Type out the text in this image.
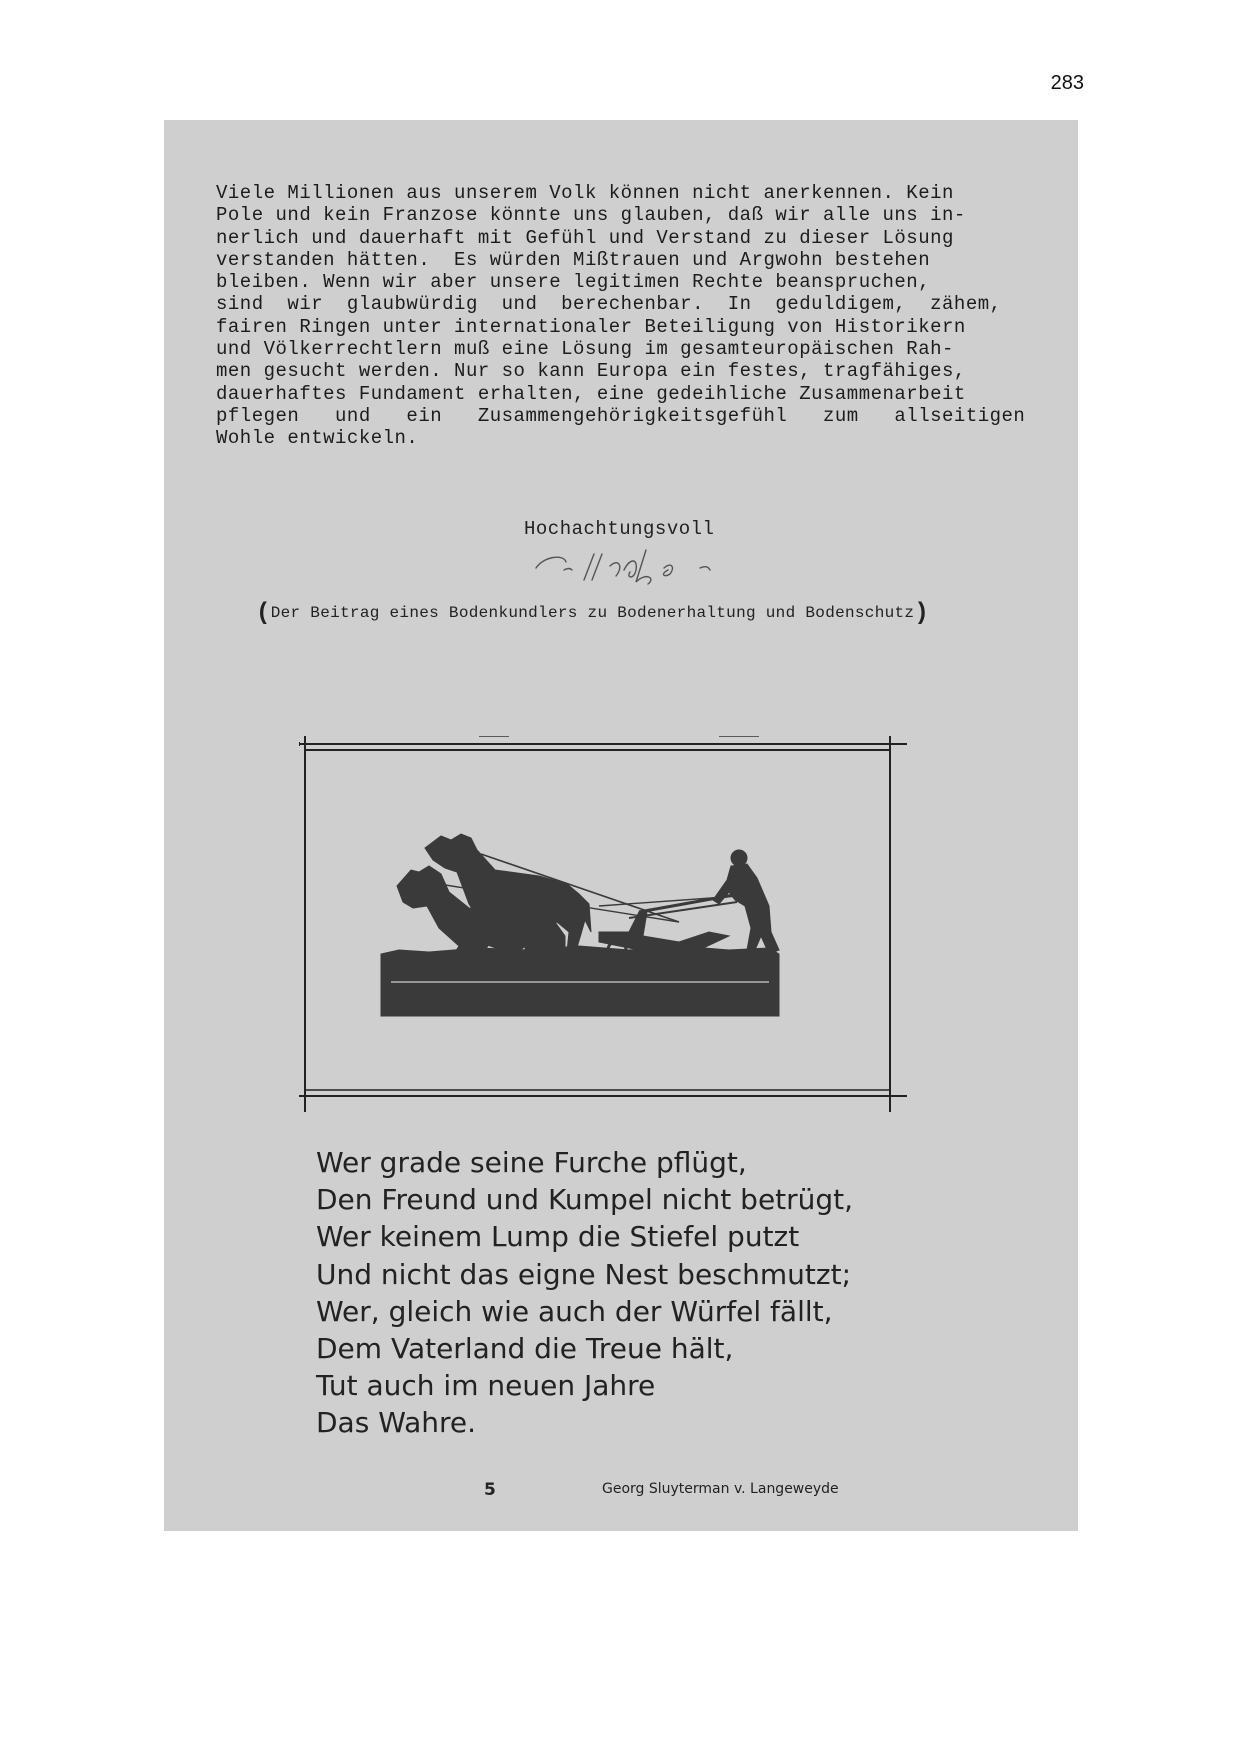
283
Viele Millionen aus unserem Volk können nicht anerkennen. Kein
Pole und kein Franzose könnte uns glauben, daß wir alle uns in-
nerlich und dauerhaft mit Gefühl und Verstand zu dieser Lösung
verstanden hätten.  Es würden Mißtrauen und Argwohn bestehen
bleiben. Wenn wir aber unsere legitimen Rechte beanspruchen,
sind  wir  glaubwürdig  und  berechenbar.  In  geduldigem,  zähem,
fairen Ringen unter internationaler Beteiligung von Historikern
und Völkerrechtlern muß eine Lösung im gesamteuropäischen Rah-
men gesucht werden. Nur so kann Europa ein festes, tragfähiges,
dauerhaftes Fundament erhalten, eine gedeihliche Zusammenarbeit
pflegen   und   ein   Zusammengehörigkeitsgefühl   zum   allseitigen
Wohle entwickeln.
Hochachtungsvoll
(Der Beitrag eines Bodenkundlers zu Bodenerhaltung und Bodenschutz)
Wer grade seine Furche pflügt,
Den Freund und Kumpel nicht betrügt,
Wer keinem Lump die Stiefel putzt
Und nicht das eigne Nest beschmutzt;
Wer, gleich wie auch der Würfel fällt,
Dem Vaterland die Treue hält,
Tut auch im neuen Jahre
Das Wahre.
5	Georg Sluyterman v. Langeweyde
